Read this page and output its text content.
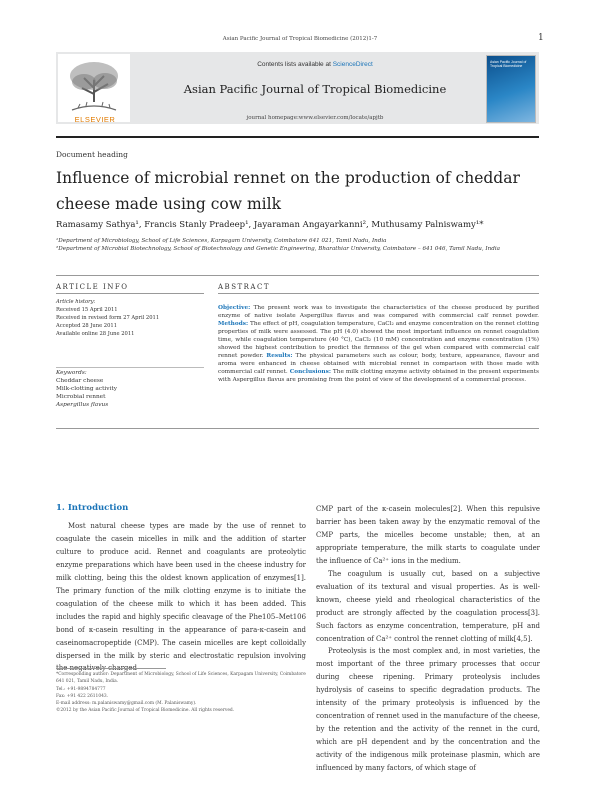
Asian Pacific Journal of Tropical Biomedicine (2012)1-7	1
ELSEVIER
Contents lists available at ScienceDirect
Asian Pacific Journal of Tropical Biomedicine
journal homepage:www.elsevier.com/locate/apjtb
Asian Pacific Journal of Tropical Biomedicine
Document heading
Influence of microbial rennet on the production of cheddar cheese made using cow milk
Ramasamy Sathya¹, Francis Stanly Pradeep¹, Jayaraman Angayarkanni², Muthusamy Palniswamy¹*
¹Department of Microbiology, School of Life Sciences, Karpagam University, Coimbatore 641 021, Tamil Nadu, India
²Department of Microbial Biotechnology, School of Biotechnology and Genetic Engineering, Bharathiar University, Coimbatore – 641 046, Tamil Nadu, India
ARTICLE INFO	ABSTRACT
Article history:
Received 15 April 2011
Received in revised form 27 April 2011
Accepted 28 June 2011
Available online 28 June 2011
Keywords:
Cheddar cheese
Milk-clotting activity
Microbial rennet
Aspergillus flavus
Objective: The present work was to investigate the characteristics of the cheese produced by purified enzyme of native isolate Aspergillus flavus and was compared with commercial calf rennet powder. Methods: The effect of pH, coagulation temperature, CaCl₂ and enzyme concentration on the rennet clotting properties of milk were assessed. The pH (4.0) showed the most important influence on rennet coagulation time, while coagulation temperature (40 °C), CaCl₂ (10 mM) concentration and enzyme concentration (1%) showed the highest contribution to predict the firmness of the gel when compared with commercial calf rennet powder. Results: The physical parameters such as colour, body, texture, appearance, flavour and aroma were enhanced in cheese obtained with microbial rennet in comparison with those made with commercial calf rennet. Conclusions: The milk clotting enzyme activity obtained in the present experiments with Aspergillus flavus are promising from the point of view of the development of a commercial process.
1. Introduction

Most natural cheese types are made by the use of rennet to coagulate the casein micelles in milk and the addition of starter culture to produce acid. Rennet and coagulants are proteolytic enzyme preparations which have been used in the cheese industry for milk clotting, being this the oldest known application of enzymes[1]. The primary function of the milk clotting enzyme is to initiate the coagulation of the cheese milk to which it has been added. This includes the rapid and highly specific cleavage of the Phe105–Met106 bond of κ-casein resulting in the appearance of para-κ-casein and caseinomacropeptide (CMP). The casein micelles are kept colloidally dispersed in the milk by steric and electrostatic repulsion involving

CMP part of the κ-casein molecules[2]. When this repulsive barrier has been taken away by the enzymatic removal of the CMP parts, the micelles become unstable; then, at an appropriate temperature, the milk starts to coagulate under the influence of Ca²⁺ ions in the medium.

The coagulum is usually cut, based on a subjective evaluation of its textural and visual properties. As is well-known, cheese yield and rheological characteristics of the product are strongly affected by the coagulation process[3]. Such factors as enzyme concentration, temperature, pH and concentration of Ca²⁺ control the rennet clotting of milk[4,5].

Proteolysis is the most complex and, in most varieties, the most important of the three primary processes that occur during cheese ripening. Primary proteolysis includes hydrolysis of caseins to specific degradation products. The intensity of the primary proteolysis is influenced by the concentration of rennet used in the manufacture of the cheese, by the retention and the activity of the rennet in the curd, which are pH dependent and by the concentration and the activity of the indigenous milk proteinase plasmin, which are influenced by many factors, of which stage of

*Corresponding author: Department of Microbiology, School of Life Sciences, Karpagam University, Coimbatore 641 021, Tamil Nadu, India.
Tel.: +91-9894784777
Fax: +91 422 2611043.
E-mail address: m.palaniswamy@gmail.com (M. Palaniswamy).
©2012 by the Asian Pacific Journal of Tropical Biomedicine. All rights reserved.
